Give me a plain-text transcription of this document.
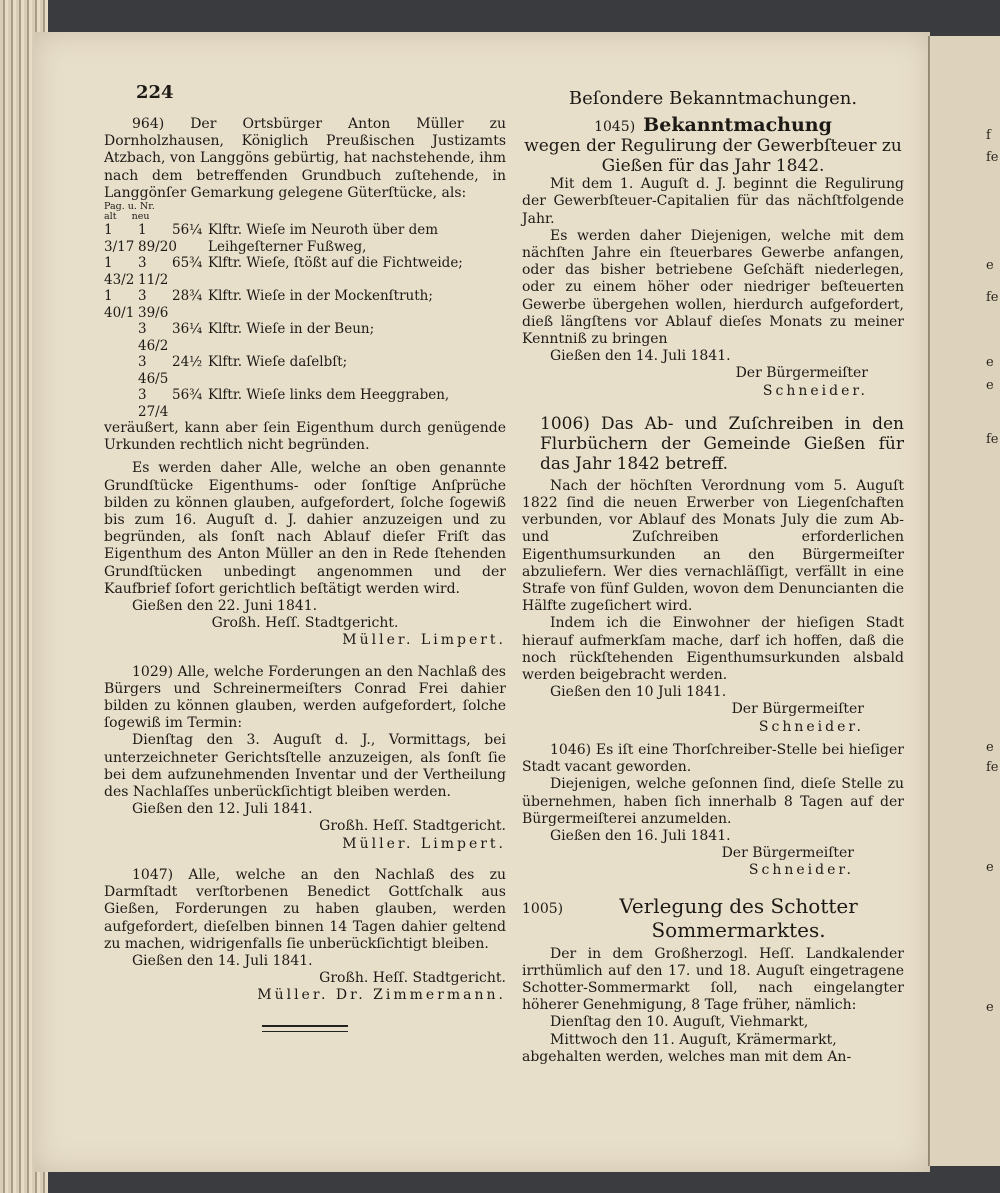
224

964) Der Ortsbürger Anton Müller zu Dornholzhausen, Königlich Preußischen Justizamts Atzbach, von Langgöns gebürtig, hat nachstehende, ihm nach dem betreffenden Grundbuch zuſtehende, in Langgönſer Gemarkung gelegene Güterſtücke, als:

Pag. u. Nr.
alt     neu
1 3/17
1 89/20
56¼ Klftr. Wieſe im Neuroth über dem Leihgeſterner Fußweg,
1 43/2
3 11/2
65¾ Klftr. Wieſe, ſtößt auf die Fichtweide;
1 40/1
3 39/6
28¾ Klftr. Wieſe in der Mockenſtruth;
3 46/2
36¼ Klftr. Wieſe in der Beun;
3 46/5
24½ Klftr. Wieſe daſelbſt;
3 27/4
56¾ Klftr. Wieſe links dem Heeggraben,

veräußert, kann aber ſein Eigenthum durch genügende Urkunden rechtlich nicht begründen.

Es werden daher Alle, welche an oben genannte Grundſtücke Eigenthums- oder ſonſtige Anſprüche bilden zu können glauben, aufgefordert, ſolche ſogewiß bis zum 16. Auguſt d. J. dahier anzuzeigen und zu begründen, als ſonſt nach Ablauf dieſer Friſt das Eigenthum des Anton Müller an den in Rede ſtehenden Grundſtücken unbedingt angenommen und der Kaufbrief ſofort gerichtlich beſtätigt werden wird.

Gießen den 22. Juni 1841.

Großh. Heſſ. Stadtgericht.

Müller. Limpert.

1029) Alle, welche Forderungen an den Nachlaß des Bürgers und Schreinermeiſters Conrad Frei dahier bilden zu können glauben, werden aufgefordert, ſolche ſogewiß im Termin:

Dienſtag den 3. Auguſt d. J., Vormittags, bei unterzeichneter Gerichtsſtelle anzuzeigen, als ſonſt ſie bei dem aufzunehmenden Inventar und der Vertheilung des Nachlaſſes unberückſichtigt bleiben werden.

Gießen den 12. Juli 1841.

Großh. Heſſ. Stadtgericht.

Müller. Limpert.

1047) Alle, welche an den Nachlaß des zu Darmſtadt verſtorbenen Benedict Gottſchalk aus Gießen, Forderungen zu haben glauben, werden aufgefordert, dieſelben binnen 14 Tagen dahier geltend zu machen, widrigenfalls ſie unberückſichtigt bleiben.

Gießen den 14. Juli 1841.

Großh. Heſſ. Stadtgericht.

Müller. Dr. Zimmermann.

Beſondere Bekanntmachungen.
1045) Bekanntmachung

wegen der Regulirung der Gewerbſteuer zu Gießen für das Jahr 1842.

Mit dem 1. Auguſt d. J. beginnt die Regulirung der Gewerbſteuer-Capitalien für das nächſtfolgende Jahr.

Es werden daher Diejenigen, welche mit dem nächſten Jahre ein ſteuerbares Gewerbe anfangen, oder das bisher betriebene Geſchäft niederlegen, oder zu einem höher oder niedriger beſteuerten Gewerbe übergehen wollen, hierdurch aufgefordert, dieß längſtens vor Ablauf dieſes Monats zu meiner Kenntniß zu bringen

Gießen den 14. Juli 1841.

Der Bürgermeiſter

Schneider.

1006) Das Ab- und Zuſchreiben in den Flurbüchern der Gemeinde Gießen für das Jahr 1842 betreff.

Nach der höchſten Verordnung vom 5. Auguſt 1822 ſind die neuen Erwerber von Liegenſchaften verbunden, vor Ablauf des Monats July die zum Ab- und Zuſchreiben erforderlichen Eigenthumsurkunden an den Bürgermeiſter abzuliefern. Wer dies vernachläſſigt, verfällt in eine Strafe von fünf Gulden, wovon dem Denuncianten die Hälfte zugeſichert wird.

Indem ich die Einwohner der hieſigen Stadt hierauf aufmerkſam mache, darf ich hoffen, daß die noch rückſtehenden Eigenthumsurkunden alsbald werden beigebracht werden.

Gießen den 10 Juli 1841.

Der Bürgermeiſter

Schneider.

1046) Es iſt eine Thorſchreiber-Stelle bei hieſiger Stadt vacant geworden.

Diejenigen, welche geſonnen ſind, dieſe Stelle zu übernehmen, haben ſich innerhalb 8 Tagen auf der Bürgermeiſterei anzumelden.

Gießen den 16. Juli 1841.

Der Bürgermeiſter

Schneider.

1005)	Verlegung des Schotter Sommermarktes.

Der in dem Großherzogl. Heſſ. Landkalender irrthümlich auf den 17. und 18. Auguſt eingetragene Schotter-Sommermarkt ſoll, nach eingelangter höherer Genehmigung, 8 Tage früher, nämlich:

Dienſtag den 10. Auguſt, Viehmarkt,

Mittwoch den 11. Auguſt, Krämermarkt,

abgehalten werden, welches man mit dem An-

f
fe
e
fe
e
e
fe
e
fe
e
e
